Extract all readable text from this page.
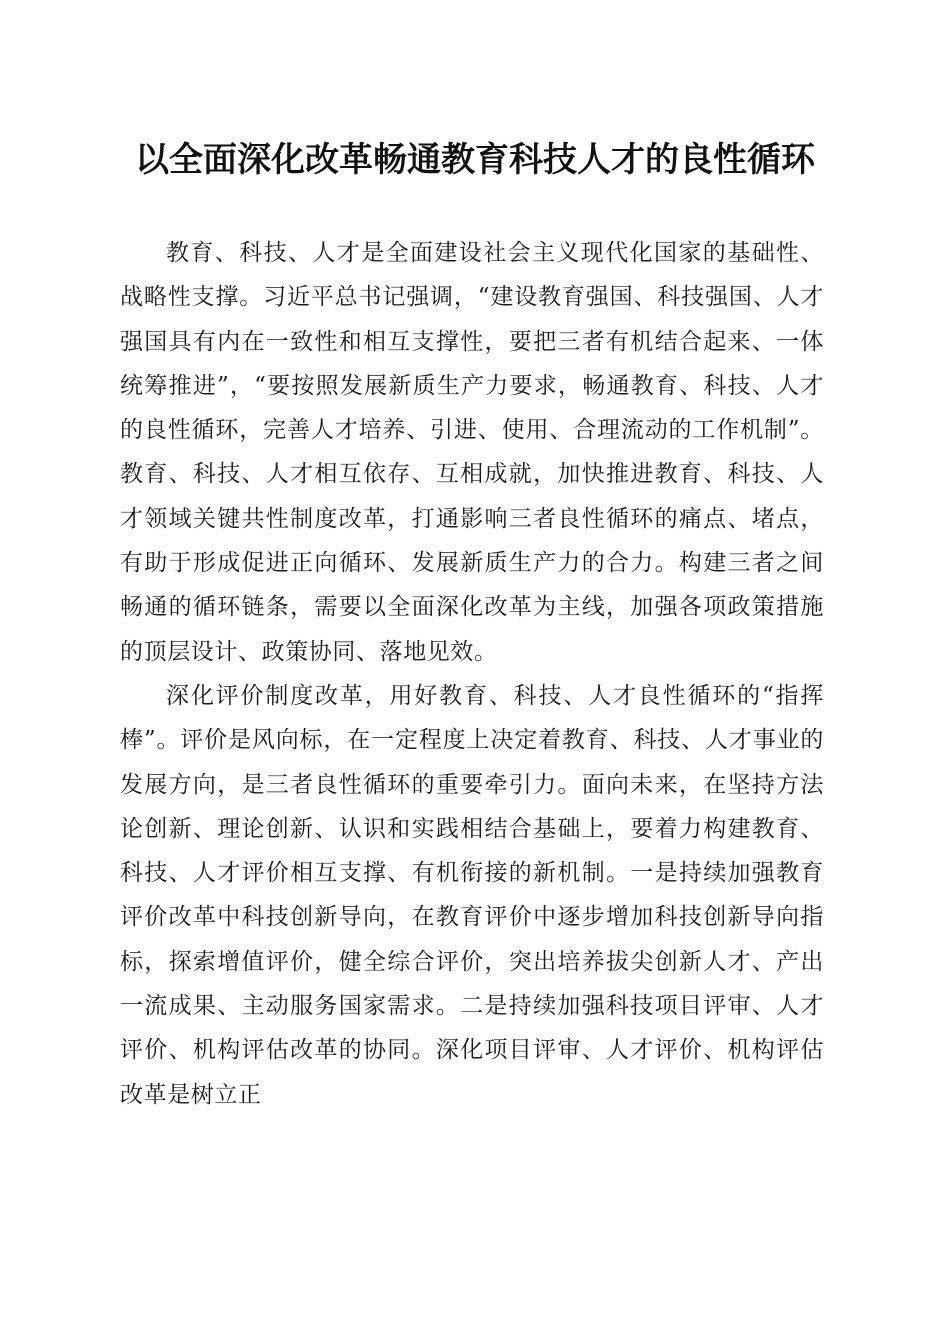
以全面深化改革畅通教育科技人才的良性循环

教育、科技、人才是全面建设社会主义现代化国家的基础性、战略性支撑。习近平总书记强调，“建设教育强国、科技强国、人才强国具有内在一致性和相互支撑性，要把三者有机结合起来、一体统筹推进”，“要按照发展新质生产力要求，畅通教育、科技、人才的良性循环，完善人才培养、引进、使用、合理流动的工作机制”。教育、科技、人才相互依存、互相成就，加快推进教育、科技、人才领域关键共性制度改革，打通影响三者良性循环的痛点、堵点，有助于形成促进正向循环、发展新质生产力的合力。构建三者之间畅通的循环链条，需要以全面深化改革为主线，加强各项政策措施的顶层设计、政策协同、落地见效。

深化评价制度改革，用好教育、科技、人才良性循环的“指挥棒”。评价是风向标，在一定程度上决定着教育、科技、人才事业的发展方向，是三者良性循环的重要牵引力。面向未来，在坚持方法论创新、理论创新、认识和实践相结合基础上，要着力构建教育、科技、人才评价相互支撑、有机衔接的新机制。一是持续加强教育评价改革中科技创新导向，在教育评价中逐步增加科技创新导向指标，探索增值评价，健全综合评价，突出培养拔尖创新人才、产出一流成果、主动服务国家需求。二是持续加强科技项目评审、人才评价、机构评估改革的协同。深化项目评审、人才评价、机构评估改革是树立正
